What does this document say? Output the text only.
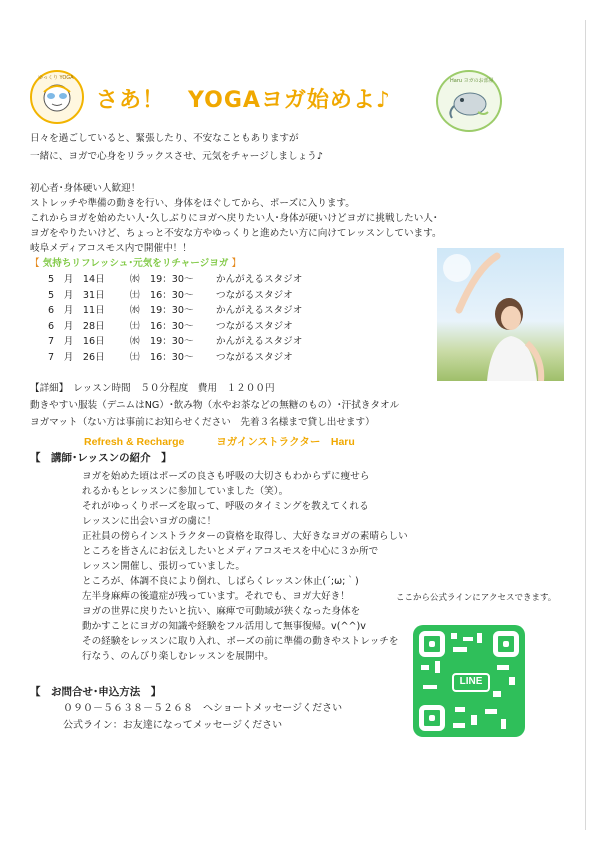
ゆっくり YOGA
さあ！　YOGAヨガ始めよ♪
Haru ヨガのお部屋
日々を過ごしていると、緊張したり、不安なこともありますが
一緒に、ヨガで心身をリラックスさせ、元気をチャージしましょう♪
初心者･身体硬い人歓迎！
ストレッチや準備の動きを行い、身体をほぐしてから、ポーズに入ります。
これからヨガを始めたい人･久しぶりにヨガへ戻りたい人･身体が硬いけどヨガに挑戦したい人･
ヨガをやりたいけど、ちょっと不安な方やゆっくりと進めたい方に向けてレッスンしています。
岐阜メディアコスモス内で開催中！！
【 気持ちリフレッシュ･元気をリチャージヨガ 】
5　月　14日	㈬ 19：30～ かんがえるスタジオ
5　月　31日	㈯ 16：30～ つながるスタジオ
6　月　11日	㈬ 19：30～ かんがえるスタジオ
6　月　28日	㈯ 16：30～ つながるスタジオ
7　月　16日	㈬ 19：30～ かんがえるスタジオ
7　月　26日	㈯ 16：30～ つながるスタジオ
【詳細】　レッスン時間　５０分程度　費用　１２００円
動きやすい服装（デニムはNG）･飲み物（水やお茶などの無糖のもの）･汗拭きタオル
ヨガマット（ない方は事前にお知らせください　先着３名様まで貸し出せます）
Refresh & Recharge	ヨガインストラクター　Haru
【　講師･レッスンの紹介　】
ヨガを始めた頃はポーズの良さも呼吸の大切さもわからずに痩せら
れるかもとレッスンに参加していました（笑）。
それがゆっくりポーズを取って、呼吸のタイミングを教えてくれる
レッスンに出会いヨガの虜に！
正社員の傍らインストラクターの資格を取得し、大好きなヨガの素晴らしい
ところを皆さんにお伝えしたいとメディアコスモスを中心に３か所で
レッスン開催し、張切っていました。
ところが、体調不良により倒れ、しばらくレッスン休止(´;ω;｀)
左半身麻痺の後遺症が残っています。それでも、ヨガ大好き！
ヨガの世界に戻りたいと抗い、麻痺で可動域が狭くなった身体を
動かすことにヨガの知識や経験をフル活用して無事復帰。v(^^)v
その経験をレッスンに取り入れ、ポーズの前に準備の動きやストレッチを
行なう、のんびり楽しむレッスンを展開中。
ここから公式ラインにアクセスできます。
LINE
【　お問合せ･申込方法　】
０９０－５６３８－５２６８　へショートメッセージください
公式ライン：お友達になってメッセージください
